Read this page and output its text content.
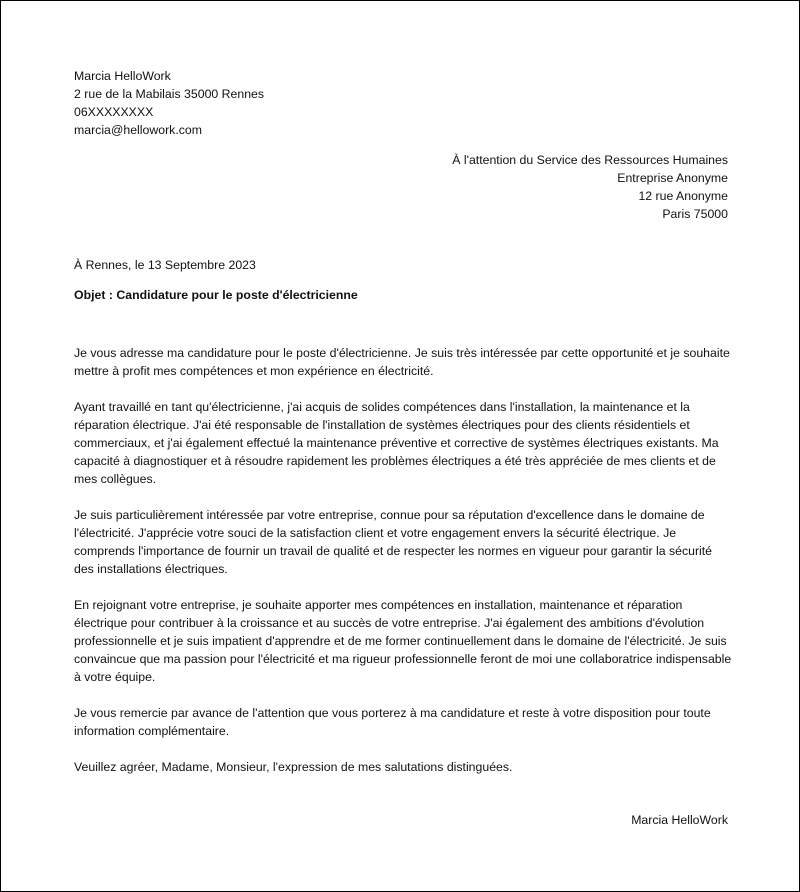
Marcia HelloWork
2 rue de la Mabilais 35000 Rennes
06XXXXXXXX
marcia@hellowork.com
À l'attention du Service des Ressources Humaines
Entreprise Anonyme
12 rue Anonyme
Paris 75000
À Rennes, le 13 Septembre 2023
Objet : Candidature pour le poste d'électricienne

Je vous adresse ma candidature pour le poste d'électricienne. Je suis très intéressée par cette opportunité et je souhaite mettre à profit mes compétences et mon expérience en électricité.

Ayant travaillé en tant qu'électricienne, j'ai acquis de solides compétences dans l'installation, la maintenance et la réparation électrique. J'ai été responsable de l'installation de systèmes électriques pour des clients résidentiels et commerciaux, et j'ai également effectué la maintenance préventive et corrective de systèmes électriques existants. Ma capacité à diagnostiquer et à résoudre rapidement les problèmes électriques a été très appréciée de mes clients et de mes collègues.

Je suis particulièrement intéressée par votre entreprise, connue pour sa réputation d'excellence dans le domaine de l'électricité. J'apprécie votre souci de la satisfaction client et votre engagement envers la sécurité électrique. Je comprends l'importance de fournir un travail de qualité et de respecter les normes en vigueur pour garantir la sécurité des installations électriques.

En rejoignant votre entreprise, je souhaite apporter mes compétences en installation, maintenance et réparation électrique pour contribuer à la croissance et au succès de votre entreprise. J'ai également des ambitions d'évolution professionnelle et je suis impatient d'apprendre et de me former continuellement dans le domaine de l'électricité. Je suis convaincue que ma passion pour l'électricité et ma rigueur professionnelle feront de moi une collaboratrice indispensable à votre équipe.

Je vous remercie par avance de l'attention que vous porterez à ma candidature et reste à votre disposition pour toute information complémentaire.

Veuillez agréer, Madame, Monsieur, l'expression de mes salutations distinguées.

Marcia HelloWork
